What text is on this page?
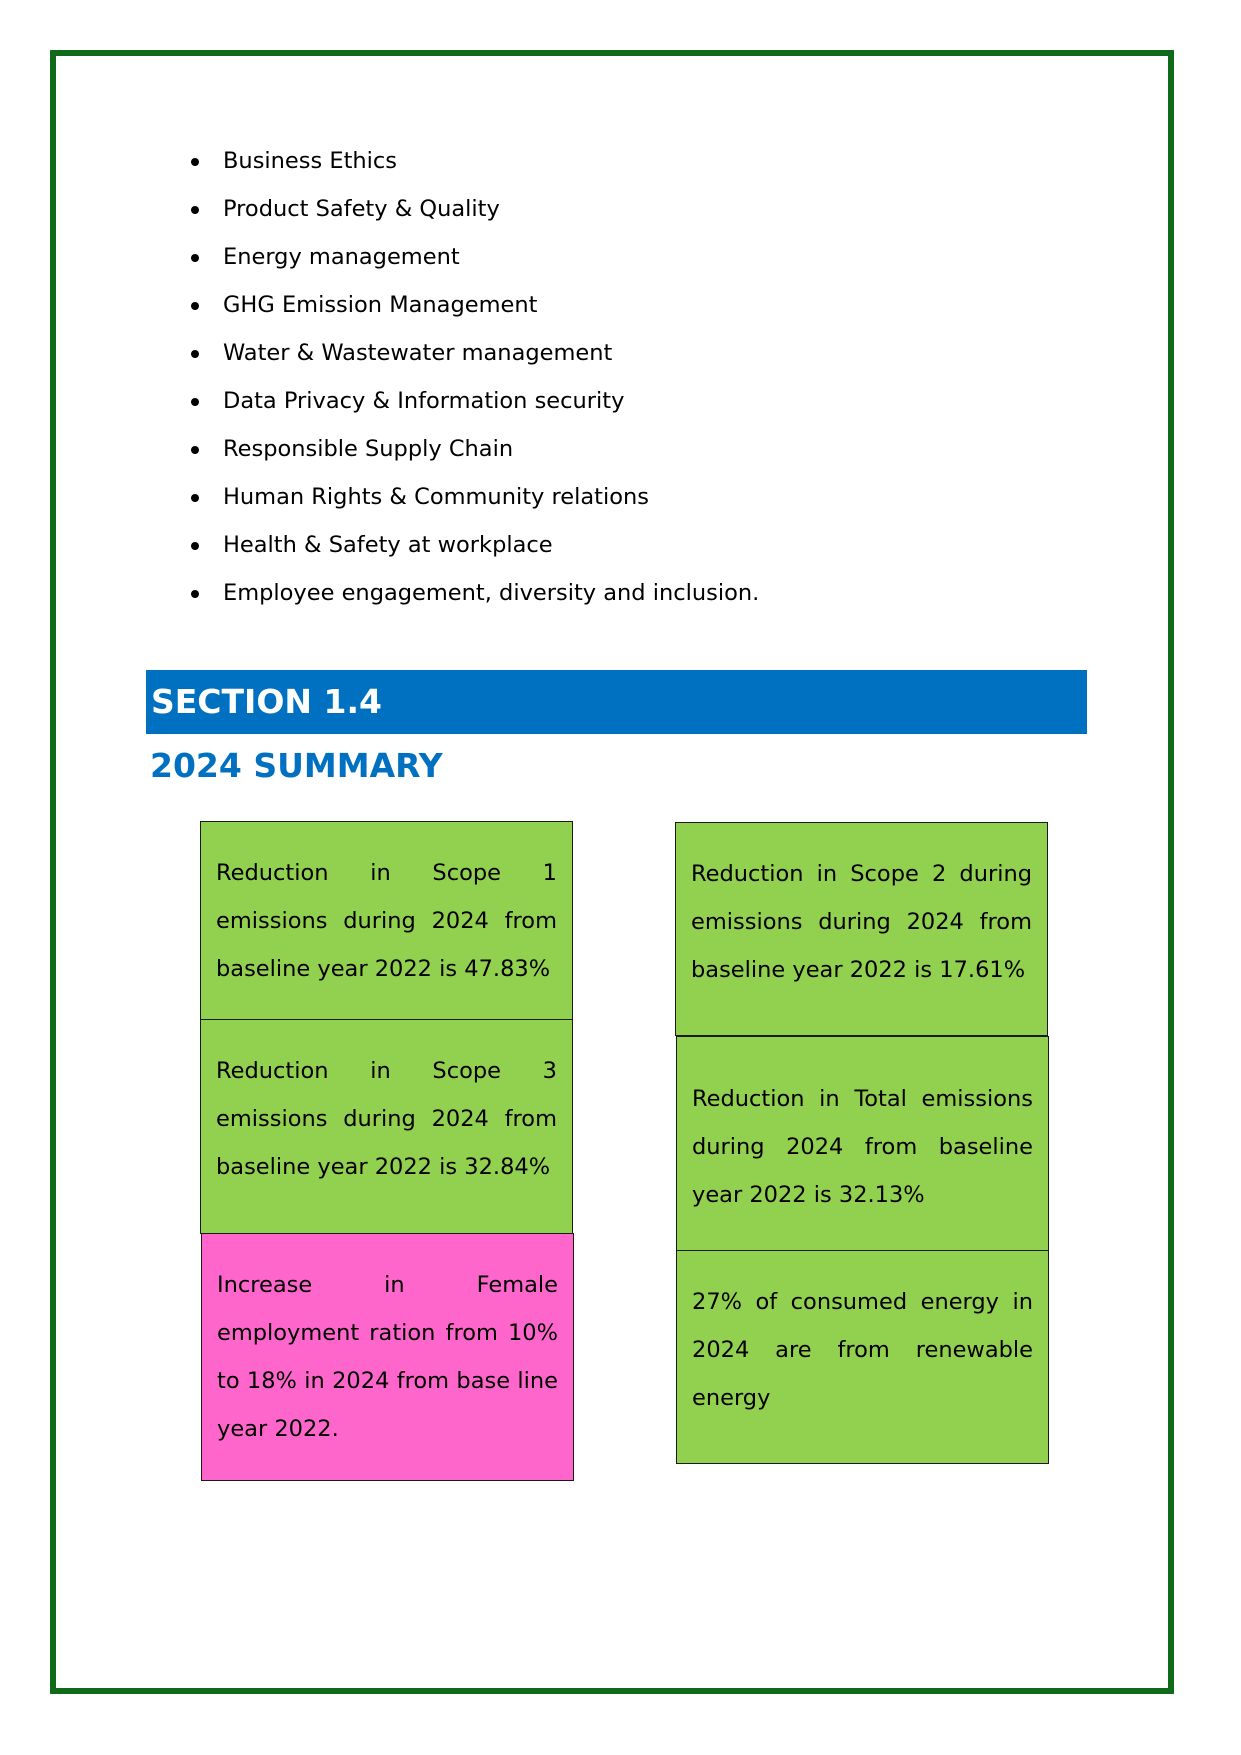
Business Ethics
Product Safety & Quality
Energy management
GHG Emission Management
Water & Wastewater management
Data Privacy & Information security
Responsible Supply Chain
Human Rights & Community relations
Health & Safety at workplace
Employee engagement, diversity and inclusion.
SECTION 1.4
2024 SUMMARY

Reduction in Scope 1 emissions during 2024 from baseline year 2022 is 47.83%

Reduction in Scope 3 emissions during 2024 from baseline year 2022 is 32.84%

Increase in Female employment ration from 10% to 18% in 2024 from base line year 2022.

Reduction in Scope 2 during emissions during 2024 from baseline year 2022 is 17.61%

Reduction in Total emissions during 2024 from baseline year 2022 is 32.13%

27% of consumed energy in 2024 are from renewable energy
